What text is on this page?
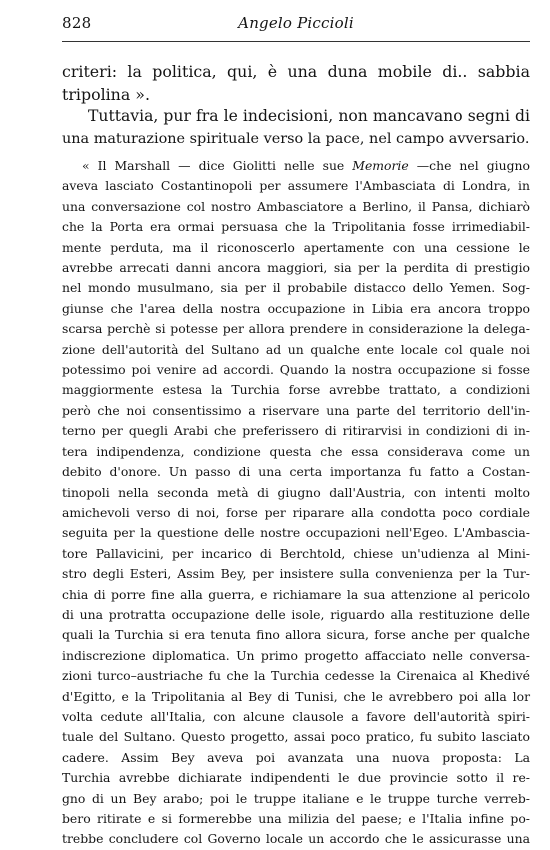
828	Angelo Piccioli
criteri: la politica, qui, è una duna mobile di.. sabbia
tripolina ».
Tuttavia, pur fra le indecisioni, non mancavano segni di
una maturazione spirituale verso la pace, nel campo avversario.
« Il Marshall — dice Giolitti nelle sue Memorie —che nel giugno
aveva lasciato Costantinopoli per assumere l'Ambasciata di Londra, in
una conversazione col nostro Ambasciatore a Berlino, il Pansa, dichiarò
che la Porta era ormai persuasa che la Tripolitania fosse irrimediabil-
mente perduta, ma il riconoscerlo apertamente con una cessione le
avrebbe arrecati danni ancora maggiori, sia per la perdita di prestigio
nel mondo musulmano, sia per il probabile distacco dello Yemen. Sog-
giunse che l'area della nostra occupazione in Libia era ancora troppo
scarsa perchè si potesse per allora prendere in considerazione la delega-
zione dell'autorità del Sultano ad un qualche ente locale col quale noi
potessimo poi venire ad accordi. Quando la nostra occupazione si fosse
maggiormente estesa la Turchia forse avrebbe trattato, a condizioni
però che noi consentissimo a riservare una parte del territorio dell'in-
terno per quegli Arabi che preferissero di ritirarvisi in condizioni di in-
tera indipendenza, condizione questa che essa considerava come un
debito d'onore. Un passo di una certa importanza fu fatto a Costan-
tinopoli nella seconda metà di giugno dall'Austria, con intenti molto
amichevoli verso di noi, forse per riparare alla condotta poco cordiale
seguita per la questione delle nostre occupazioni nell'Egeo. L'Ambascia-
tore Pallavicini, per incarico di Berchtold, chiese un'udienza al Mini-
stro degli Esteri, Assim Bey, per insistere sulla convenienza per la Tur-
chia di porre fine alla guerra, e richiamare la sua attenzione al pericolo
di una protratta occupazione delle isole, riguardo alla restituzione delle
quali la Turchia si era tenuta fino allora sicura, forse anche per qualche
indiscrezione diplomatica. Un primo progetto affacciato nelle conversa-
zioni turco–austriache fu che la Turchia cedesse la Cirenaica al Khedivé
d'Egitto, e la Tripolitania al Bey di Tunisi, che le avrebbero poi alla lor
volta cedute all'Italia, con alcune clausole a favore dell'autorità spiri-
tuale del Sultano. Questo progetto, assai poco pratico, fu subito lasciato
cadere. Assim Bey aveva poi avanzata una nuova proposta: La
Turchia avrebbe dichiarate indipendenti le due provincie sotto il re-
gno di un Bey arabo; poi le truppe italiane e le truppe turche verreb-
bero ritirate e si formerebbe una milizia del paese; e l'Italia infine po-
trebbe concludere col Governo locale un accordo che le assicurasse una
